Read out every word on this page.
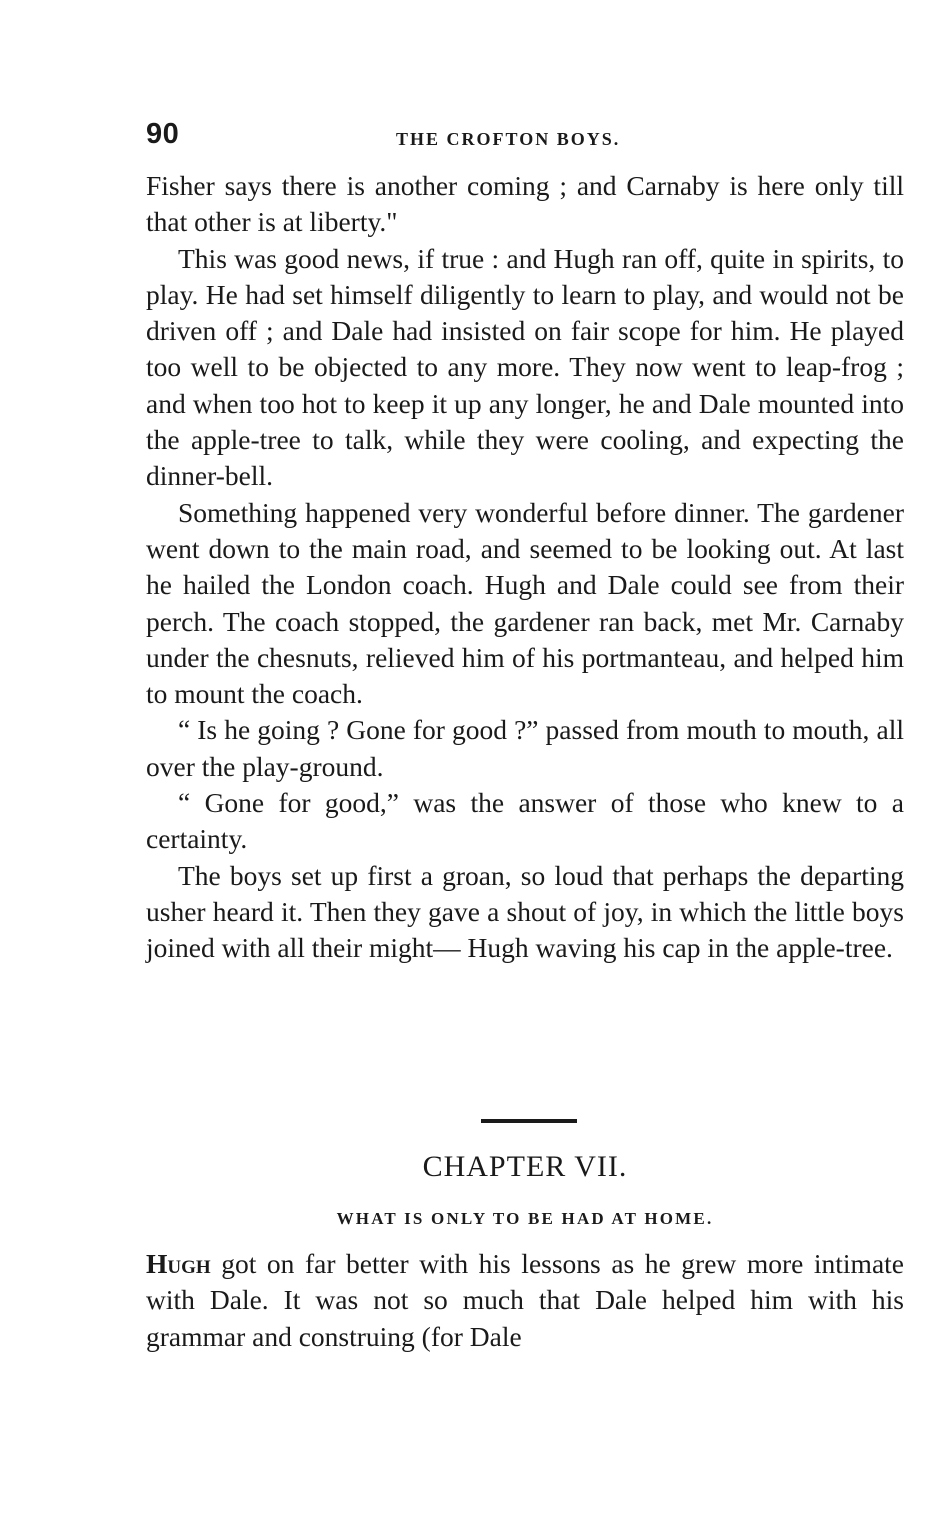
90	THE CROFTON BOYS.

Fisher says there is another coming ; and Carnaby is here only till that other is at liberty."

This was good news, if true : and Hugh ran off, quite in spirits, to play. He had set himself diligently to learn to play, and would not be driven off ; and Dale had insisted on fair scope for him. He played too well to be objected to any more. They now went to leap-frog ; and when too hot to keep it up any longer, he and Dale mounted into the apple-tree to talk, while they were cooling, and expecting the dinner-bell.

Something happened very wonderful before dinner. The gardener went down to the main road, and seemed to be looking out. At last he hailed the London coach. Hugh and Dale could see from their perch. The coach stopped, the gardener ran back, met Mr. Carnaby under the chesnuts, relieved him of his portmanteau, and helped him to mount the coach.

“ Is he going ? Gone for good ?” passed from mouth to mouth, all over the play-ground.

“ Gone for good,” was the answer of those who knew to a certainty.

The boys set up first a groan, so loud that perhaps the departing usher heard it. Then they gave a shout of joy, in which the little boys joined with all their might— Hugh waving his cap in the apple-tree.

CHAPTER VII.
WHAT IS ONLY TO BE HAD AT HOME.

Hugh got on far better with his lessons as he grew more intimate with Dale. It was not so much that Dale helped him with his grammar and construing (for Dale
